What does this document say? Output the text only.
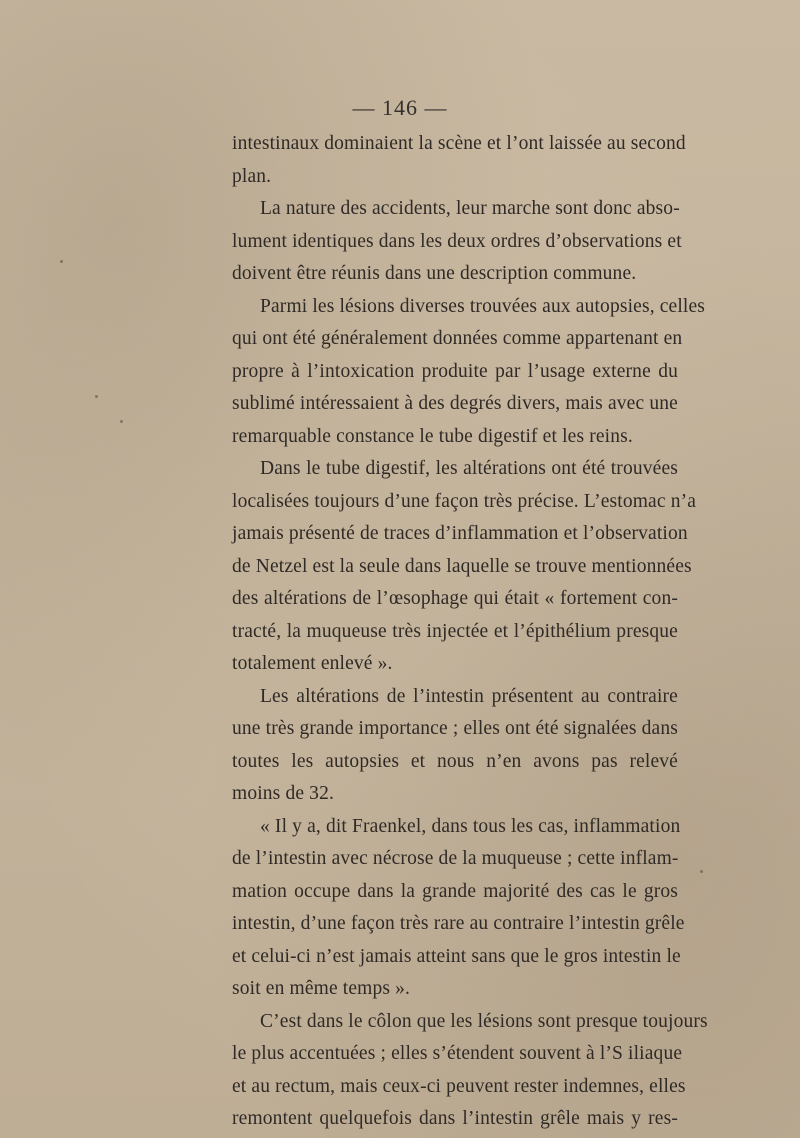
— 146 —
intestinaux dominaient la scène et l’ont laissée au second
plan.
La nature des accidents, leur marche sont donc abso-
lument identiques dans les deux ordres d’observations et
doivent être réunis dans une description commune.
Parmi les lésions diverses trouvées aux autopsies, celles
qui ont été généralement données comme appartenant en
propre à l’intoxication produite par l’usage externe du
sublimé intéressaient à des degrés divers, mais avec une
remarquable constance le tube digestif et les reins.
Dans le tube digestif, les altérations ont été trouvées
localisées toujours d’une façon très précise. L’estomac n’a
jamais présenté de traces d’inflammation et l’observation
de Netzel est la seule dans laquelle se trouve mentionnées
des altérations de l’œsophage qui était « fortement con-
tracté, la muqueuse très injectée et l’épithélium presque
totalement enlevé ».
Les altérations de l’intestin présentent au contraire
une très grande importance ; elles ont été signalées dans
toutes les autopsies et nous n’en avons pas relevé
moins de 32.
« Il y a, dit Fraenkel, dans tous les cas, inflammation
de l’intestin avec nécrose de la muqueuse ; cette inflam-
mation occupe dans la grande majorité des cas le gros
intestin, d’une façon très rare au contraire l’intestin grêle
et celui-ci n’est jamais atteint sans que le gros intestin le
soit en même temps ».
C’est dans le côlon que les lésions sont presque toujours
le plus accentuées ; elles s’étendent souvent à l’S iliaque
et au rectum, mais ceux-ci peuvent rester indemnes, elles
remontent quelquefois dans l’intestin grêle mais y res-
